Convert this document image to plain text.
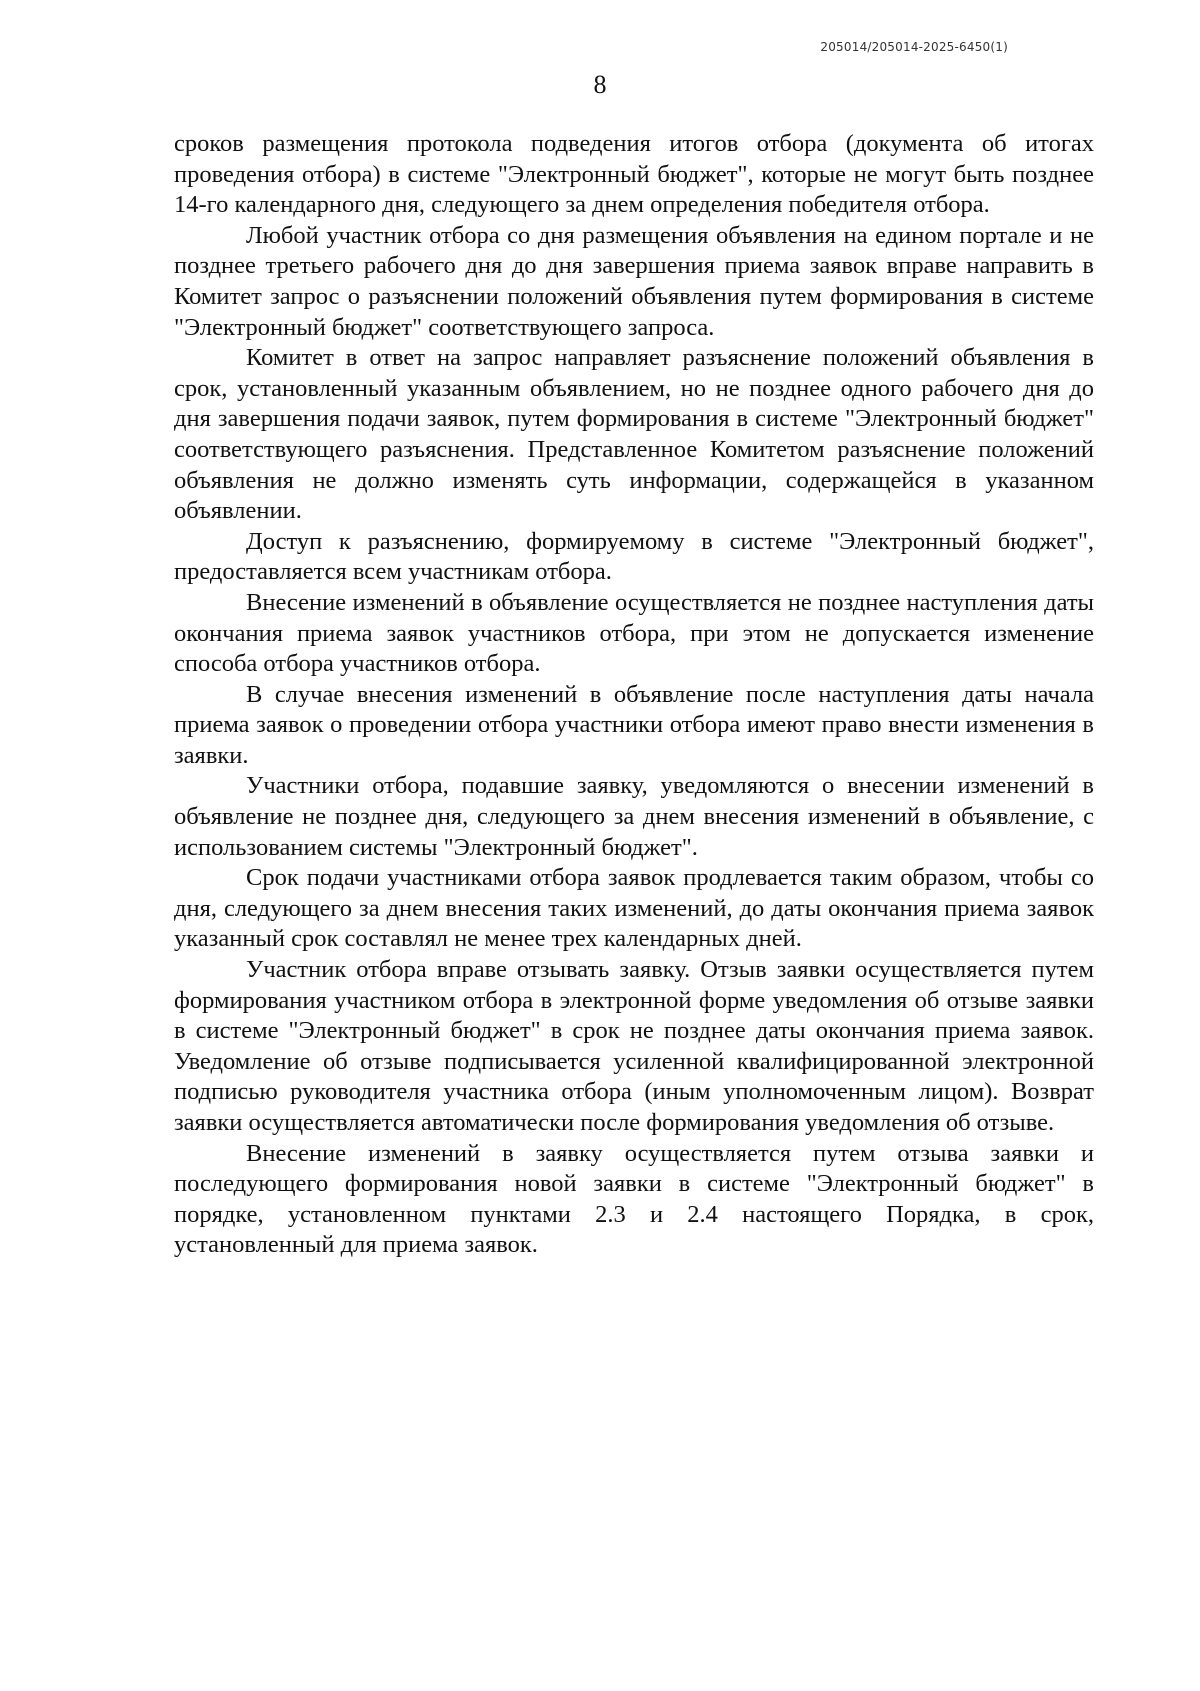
205014/205014-2025-6450(1)
8

сроков размещения протокола подведения итогов отбора (документа об итогах проведения отбора) в системе "Электронный бюджет", которые не могут быть позднее 14-го календарного дня, следующего за днем определения победителя отбора.

Любой участник отбора со дня размещения объявления на едином портале и не позднее третьего рабочего дня до дня завершения приема заявок вправе направить в Комитет запрос о разъяснении положений объявления путем формирования в системе "Электронный бюджет" соответствующего запроса.

Комитет в ответ на запрос направляет разъяснение положений объявления в срок, установленный указанным объявлением, но не позднее одного рабочего дня до дня завершения подачи заявок, путем формирования в системе "Электронный бюджет" соответствующего разъяснения. Представленное Комитетом разъяснение положений объявления не должно изменять суть информации, содержащейся в указанном объявлении.

Доступ к разъяснению, формируемому в системе "Электронный бюджет", предоставляется всем участникам отбора.

Внесение изменений в объявление осуществляется не позднее наступления даты окончания приема заявок участников отбора, при этом не допускается изменение способа отбора участников отбора.

В случае внесения изменений в объявление после наступления даты начала приема заявок о проведении отбора участники отбора имеют право внести изменения в заявки.

Участники отбора, подавшие заявку, уведомляются о внесении изменений в объявление не позднее дня, следующего за днем внесения изменений в объявление, с использованием системы "Электронный бюджет".

Срок подачи участниками отбора заявок продлевается таким образом, чтобы со дня, следующего за днем внесения таких изменений, до даты окончания приема заявок указанный срок составлял не менее трех календарных дней.

Участник отбора вправе отзывать заявку. Отзыв заявки осуществляется путем формирования участником отбора в электронной форме уведомления об отзыве заявки в системе "Электронный бюджет" в срок не позднее даты окончания приема заявок. Уведомление об отзыве подписывается усиленной квалифицированной электронной подписью руководителя участника отбора (иным уполномоченным лицом). Возврат заявки осуществляется автоматически после формирования уведомления об отзыве.

Внесение изменений в заявку осуществляется путем отзыва заявки и последующего формирования новой заявки в системе "Электронный бюджет" в порядке, установленном пунктами 2.3 и 2.4 настоящего Порядка, в срок, установленный для приема заявок.
